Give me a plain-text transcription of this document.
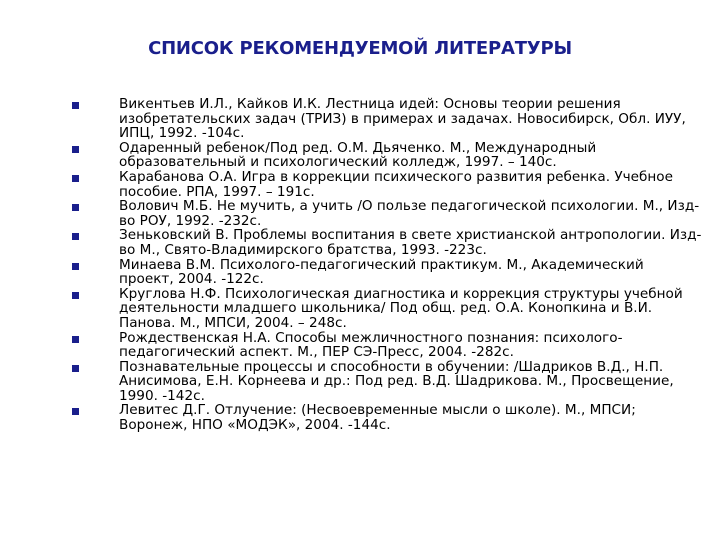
СПИСОК РЕКОМЕНДУЕМОЙ ЛИТЕРАТУРЫ
Викентьев И.Л., Кайков И.К. Лестница идей: Основы теории решения изобретательских задач (ТРИЗ) в примерах и задачах. Новосибирск, Обл. ИУУ, ИПЦ, 1992. -104с.
Одаренный ребенок/Под ред. О.М. Дьяченко. М., Международный образовательный и психологический колледж, 1997. – 140с.
Карабанова О.А. Игра в коррекции психического развития ребенка. Учебное пособие. РПА, 1997. – 191с.
Волович М.Б. Не мучить, а учить /О пользе педагогической психологии. М., Изд-во РОУ, 1992. -232с.
Зеньковский В. Проблемы воспитания в свете христианской антропологии. Изд-во М., Свято-Владимирского братства, 1993. -223с.
Минаева В.М. Психолого-педагогический практикум. М., Академический проект, 2004. -122с.
Круглова Н.Ф. Психологическая диагностика и коррекция структуры учебной деятельности младшего школьника/ Под общ. ред. О.А. Конопкина и В.И. Панова. М., МПСИ, 2004. – 248с.
Рождественская Н.А. Способы межличностного познания: психолого-педагогический аспект. М., ПЕР СЭ-Пресс, 2004. -282с.
Познавательные процессы и способности в обучении: /Шадриков В.Д., Н.П. Анисимова, Е.Н. Корнеева и др.: Под ред. В.Д. Шадрикова. М., Просвещение, 1990. -142с.
Левитес Д.Г. Отлучение: (Несвоевременные мысли о школе). М., МПСИ; Воронеж, НПО «МОДЭК», 2004. -144с.
